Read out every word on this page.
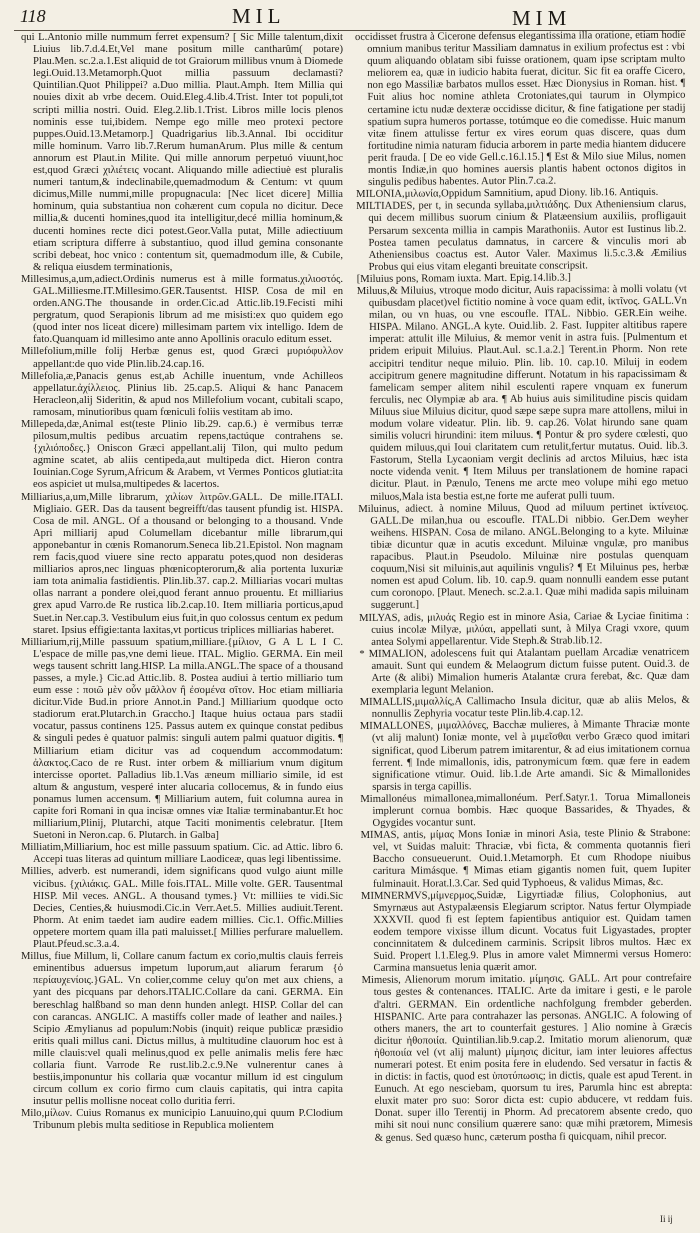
118	MIL	MIM

qui L.Antonio mille nummum ferret expensum? [ Sic Mille talentum,dixit Liuius lib.7.d.4.Et,Vel mane positum mille cantharûm( potare) Plau.Men. sc.2.a.1.Est aliquid de tot Graiorum millibus vnum à Diomede legi.Ouid.13.Metamorph.Quot millia passuum declamasti? Quintilian.Quot Philippei? a.Duo millia. Plaut.Amph. Item Millia qui nouies dixit ab vrbe decem. Ouid.Eleg.4.lib.4.Trist. Inter tot populi,tot scripti millia nostri. Ouid. Eleg.2.lib.1.Trist. Libros mille locis plenos nominis esse tui,ibidem. Nempe ego mille meo protexi pectore puppes.Ouid.13.Metamorp.] Quadrigarius lib.3.Annal. Ibi occiditur mille hominum. Varro lib.7.Rerum humanArum. Plus mille & centum annorum est Plaut.in Milite. Qui mille annorum perpetuó viuunt,hoc est,quod Græci χιλιέτεις vocant. Aliquando mille adiectiuè est pluralis numeri tantum,& indeclinabile,quemadmodum & Centum: vt quum dicimus,Mille nummi,mille propugnacula: [Nec licet dicere] Millia hominum, quia substantiua non cohærent cum copula no dicitur. Dece millia,& ducenti homines,quod ita intelligitur,decé millia hominum,& ducenti homines recte dici potest.Geor.Valla putat, Mille adiectiuum etiam scriptura differre à substantiuo, quod illud gemina consonante scribi debeat, hoc vnico : contentum sit, quemadmodum ille, & Cubile, & reliqua eiusdem terminationis,

Millesimus,a,um,adiect.Ordinis numerus est à mille formatus.χιλιοστός. GAL.Milliesme.IT.Millesimo.GER.Tausentst. HISP. Cosa de mil en orden.ANG.The thousande in order.Cic.ad Attic.lib.19.Fecisti mihi pergratum, quod Serapionis librum ad me misisti:ex quo quidem ego (quod inter nos liceat dicere) millesimam partem vix intelligo. Idem de fato.Quanquam id millesimo ante anno Apollinis oraculo editum esset.

Millefolium,mille folij Herbæ genus est, quod Græci μυριόφυλλον appellant:de quo vide Plin.lib.24.cap.16.

Millefolia,æ,Panacis genus est,ab Achille inuentum, vnde Achilleos appellatur.ἀχίλλειος. Plinius lib. 25.cap.5. Aliqui & hanc Panacem Heracleon,alij Sideritin, & apud nos Millefolium vocant, cubitali scapo, ramosam, minutioribus quam fœniculi foliis vestitam ab imo.

Millepeda,dæ,Animal est(teste Plinio lib.29. cap.6.) è vermibus terræ pilosum,multis pedibus arcuatim repens,tactúque contrahens se.{χιλιόποδες.} Oniscon Græci appellant.alij Tilon, qui multo pedum agmine scatet, ab aliis centipeda,aut multipeda dict. Hieron contra Iouinian.Coge Syrum,Africum & Arabem, vt Vermes Ponticos glutiat:ita eos aspiciet ut mulsa,multipedes & lacertos.

Milliarius,a,um,Mille librarum, χιλίων λιτρῶν.GALL. De mille.ITALI. Migliaio. GER. Das da tausent begreifft/das tausent pfundig ist. HISPA. Cosa de mil. ANGL. Of a thousand or belonging to a thousand. Vnde Apri milliarij apud Columellam dicebantur mille librarum,qui apponebantur in cœnis Romanorum.Seneca lib.21.Epistol. Non magnam rem facis,quod viuere sine recto apparatu potes,quod non desideras milliarios apros,nec linguas phœnicopterorum,& alia portenta luxuriæ iam tota animalia fastidientis. Plin.lib.37. cap.2. Milliarias vocari multas ollas narrant a pondere olei,quod ferant annuo prouentu. Et milliarius grex apud Varro.de Re rustica lib.2.cap.10. Item milliaria porticus,apud Suet.in Ner.cap.3. Vestibulum eius fuit,in quo colossus centum ex pedum staret. Ipsius effigie:tanta laxitas,vt porticus triplices milliarias haberet.

Milliarium,rij,Mille passuum spatium,milliare.{μίλιον, G A L L I C. L'espace de mille pas,vne demi lieue. ITAL. Miglio. GERMA. Ein meil wegs tausent schritt lang.HISP. La milla.ANGL.The space of a thousand passes, a myle.} Cic.ad Attic.lib. 8. Postea audiui à tertio milliario tum eum esse : ποιῶ μὲν οὖν μᾶλλον ἢ ἐσομένα σῖτον. Hoc etiam milliaria dicitur.Vide Bud.in priore Annot.in Pand.] Milliarium quodque octo stadiorum erat.Plutarch.in Graccho.] Itaque huius octaua pars stadii vocatur, passus continens 125. Passus autem ex quinque constat pedibus & singuli pedes è quatuor palmis: singuli autem palmi quatuor digitis. ¶ Milliarium etiam dicitur vas ad coquendum accommodatum: ἀλακτος.Caco de re Rust. inter orbem & milliarium vnum digitum intercisse oportet. Palladius lib.1.Vas æneum milliario simile, id est altum & angustum, vesperé inter alucaria collocemus, & in fundo eius ponamus lumen accensum. ¶ Milliarium autem, fuit columna aurea in capite fori Romani in qua incisæ omnes viæ Italiæ terminabantur.Et hoc milliarium,Plinij, Plutarchi, atque Taciti monimentis celebratur. [Item Suetoni in Neron.cap. 6. Plutarch. in Galba]

Milliatim,Milliarium, hoc est mille passuum spatium. Cic. ad Attic. libro 6. Accepi tuas literas ad quintum milliare Laodiceæ, quas legi libentissime.

Millies, adverb. est numerandi, idem significans quod vulgo aiunt mille vicibus. {χιλιάκις. GAL. Mille fois.ITAL. Mille volte. GER. Tausentmal HISP. Mil veces. ANGL. A thousand tymes.} Vt: milliies te vidi.Sic Decies, Centies,& huiusmodi.Cic.in Verr.Aet.5. Millies audiuit.Terent. Phorm. At enim taedet iam audire eadem millies. Cic.1. Offic.Millies oppetere mortem quam illa pati maluisset.[ Millies perfurare maluellem. Plaut.Pfeud.sc.3.a.4.

Millus, fiue Millum, li, Collare canum factum ex corio,multis clauis ferreis eminentibus aduersus impetum luporum,aut aliarum ferarum {ὁ περίαυχενίοις.}GAL. Vn colier,comme celuy qu'on met aux chiens, a yant des picquans par dehors.ITALIC.Collare da cani. GERMA. Ein bereschlag halßband so man denn hunden anlegt. HISP. Collar del can con carancas. ANGLIC. A mastiffs coller made of leather and nailes.} Scipio Æmylianus ad populum:Nobis (inquit) reique publicæ præsidio eritis quali millus cani. Dictus millus, à multitudine clauorum hoc est à mille clauis:vel quali melinus,quod ex pelle animalis melis fere hæc collaria fiunt. Varrode Re rust.lib.2.c.9.Ne vulnerentur canes à bestiis,imponuntur his collaria quæ vocantur millum id est cingulum circum collum ex corio firmo cum clauis capitatis, qui intra capita insutur pellis mollisne noceat collo duritia ferri.

Milo,μίλων. Cuius Romanus ex municipio Lanuuino,qui quum P.Clodium Tribunum plebis multa seditiose in Republica molientem

occidisset frustra à Cicerone defensus elegantissima illa oratione, etiam hodie omnium manibus teritur Massiliam damnatus in exilium profectus est : vbi quum aliquando oblatam sibi fuisse orationem, quam ipse scriptam multo meliorem ea, quæ in iudicio habita fuerat, dicitur. Sic fit ea oraffe Cicero, non ego Massiliæ barbatos mullos esset. Hæc Dionysius in Roman. hist. ¶ Fuit alius hoc nomine athleta Crotoniates,qui taurum in Olympico certamine ictu nudæ dexteræ occidisse dicitur, & fine fatigatione per stadij spatium supra humeros portasse, totúmque eo die comedisse. Huic manum vitæ finem attulisse fertur ex vires eorum quas discere, quas dum fortitudine nimia naturam fiducia arborem in parte media hiantem diducere perit frauda. [ De eo vide Gell.c.16.l.15.] ¶ Est & Milo siue Milus, nomen montis Indiæ,in quo homines auersis plantis habent octonos digitos in singulis pedibus habentes. Autor Plin.7.ca.2.

MILONIA,μιλωνία,Oppidum Samnitium, apud Diony. lib.16. Antiquis.

MILTIADES, per t, in secunda syllaba,μιλτιάδης. Dux Atheniensium clarus, qui decem millibus suorum cinium & Platæensium auxiliis, profligauit Persarum sexcenta millia in campis Marathoniis. Autor est Iustinus lib.2. Postea tamen peculatus damnatus, in carcere & vinculis mori ab Atheniensibus coactus est. Autor Valer. Maximus li.5.c.3.& Æmilius Probus qui eius vitam eleganti breuitate conscripsit.

[Miluius pons, Romam iuxta. Mart. Epig.14.lib.3.]

Miluus,& Miluius, vtroque modo dicitur, Auis rapacissima: à molli volatu (vt quibusdam placet)vel fictitio nomine à voce quam edit, ἰκτῖνος. GALL.Vn milan, ou vn huas, ou vne escoufle. ITAL. Nibbio. GER.Ein weihe. HISPA. Milano. ANGL.A kyte. Ouid.lib. 2. Fast. Iuppiter altitibus rapere imperat: attulit ille Miluius, & memor venit in astra fuis. [Pulmentum et pridem eripuit Miluius. Plaut.Aul. sc.1.a.2.] Terent.in Phorm. Non rete accipitri tenditur neque miluio. Plin. lib. 10. cap.10. Miluij in eodem accipitrum genere magnitudine differunt. Notatum in his rapacissimam & famelicam semper alitem nihil esculenti rapere vnquam ex funerum ferculis, nec Olympiæ ab ara. ¶ Ab huius auis similitudine piscis quidam Miluus siue Miluius dicitur, quod sæpe sæpe supra mare attollens, milui in modum volare videatur. Plin. lib. 9. cap.26. Volat hirundo sane quam similis volucri hirundini: item miluus. ¶ Pontur & pro sydere cœlesti, quo quidem miluus,qui Ioui claritatem cum retulit,fertur mutatus. Ouid. lib.3. Fastorum, Stella Lycaoniam vergit declinis ad arctos Miluius, hæc ista nocte videnda venit. ¶ Item Miluus per translationem de homine rapaci dicitur. Plaut. in Pænulo, Tenens me arcte meo volupe mihi ego metuo miluos,Mala ista bestia est,ne forte me auferat pulli tuum.

Miluinus, adiect. à nomine Miluus, Quod ad miluum pertinet ἰκτίνειος. GALL.De milan,hua ou escoufle. ITAL.Di nibbio. Ger.Dem weyher weihens. HISPAN. Cosa de milano. ANGL.Belonging to a kyte. Miluinæ tibiæ dicuntur quæ in acutis excedunt. Miluinæ vngulæ, pro manibus rapacibus. Plaut.in Pseudolo. Miluinæ nire postulas quenquam coquum,Nisi sit miluinis,aut aquilinis vngulis? ¶ Et Miluinus pes, herbæ nomen est apud Colum. lib. 10. cap.9. quam nonnulli eandem esse putant cum coronopo. [Plaut. Menech. sc.2.a.1. Quæ mihi madida sapis miluinam suggerunt.]

MILYAS, adis, μιλυάς Regio est in minore Asia, Cariae & Lyciae finitima : cuius incolæ Milyæ, μιλύαι, appellati sunt, à Milya Cragi vxore, quum antea Solymi appellarentur. Vide Steph.& Strab.lib.12.

* MIMALION, adolescens fuit qui Atalantam puellam Arcadiæ venatricem amauit. Sunt qui eundem & Melaogrum dictum fuisse putent. Ouid.3. de Arte (& alibi) Mimalion humeris Atalantæ crura ferebat, &c. Quæ dam exemplaria legunt Melanion.

MIMALLIS,μιμαλλίς,A Callimacho Insula dicitur, quæ ab aliis Melos, & nonnullis Zephyria vocatur teste Plin.lib.4.cap.12.

MIMALLONES, μιμαλλόνες, Bacchæ mulieres, à Mimante Thraciæ monte (vt alij malunt) Ioniæ monte, vel à μιμεῖσθαι verbo Græco quod imitari significat, quod Liberum patrem imitarentur, & ad eius imitationem cornua ferrent. ¶ Inde mimallonis, idis, patronymicum fœm. quæ fere in eadem significatione vtimur. Ouid. lib.1.de Arte amandi. Sic & Mimallonides sparsis in terga capillis.

Mimallonéus mimallonea,mimallonéum. Perf.Satyr.1. Torua Mimalloneis implerunt cornua bombis. Hæc quoque Bassarides, & Thyades, & Ogygides vocantur sunt.

MIMAS, antis, μίμας Mons Ioniæ in minori Asia, teste Plinio & Strabone: vel, vt Suidas maluit: Thraciæ, vbi ficta, & commenta quotannis fieri Baccho consueuerunt. Ouid.1.Metamorph. Et cum Rhodope niuibus caritura Mimásque. ¶ Mimas etiam gigantis nomen fuit, quem Iupiter fulminauit. Horat.l.3.Car. Sed quid Typhoeus, & validus Mimas, &c.

MIMNERMVS,μίμνερμος,Suidæ, Ligyrtiadæ filius, Colophonius, aut Smyrnæus aut Astypalæensis Elegiarum scriptor. Natus fertur Olympiade XXXVII. quod fi est ſeptem fapientibus antiquior est. Quidam tamen eodem tempore vixisse illum dicunt. Vocatus fuit Ligyastades, propter concinnitatem & dulcedinem carminis. Scripsit libros multos. Hæc ex Suid. Propert l.1.Eleg.9. Plus in amore valet Mimnermi versus Homero: Carmina mansuetus lenia quærit amor.

Mimesis, Alienorum morum imitatio. μίμησις. GALL. Art pour contrefaire tous gestes & contenances. ITALIC. Arte da imitare i gesti, e le parole d'altri. GERMAN. Ein ordentliche nachfolgung frembder geberden. HISPANIC. Arte para contrahazer las personas. ANGLIC. A folowing of others maners, the art to counterfait gestures. ] Alio nomine à Græcis dicitur ἠθοποιία. Quintilian.lib.9.cap.2. Imitatio morum alienorum, quæ ἠθοποιία vel (vt alij malunt) μίμησις dicitur, iam inter leuiores affectus numerari potest. Et enim posita fere in eludendo. Sed versatur in factis & in dictis: in factis, quod est ὑποτύπωσις; in dictis, quale est apud Terent. in Eunuch. At ego nesciebam, quorsum tu ires, Parumla hinc est abrepta: eluxit mater pro suo: Soror dicta est: cupio abducere, vt reddam fuis. Donat. super illo Terentij in Phorm. Ad precatorem absente credo, quo mihi sit noui nunc consilium quærere sano: quæ mihi prætorem, Mimesis & genus. Sed quæso hunc, cæterum postha fi quicquam, nihil precor.

Ii ij
